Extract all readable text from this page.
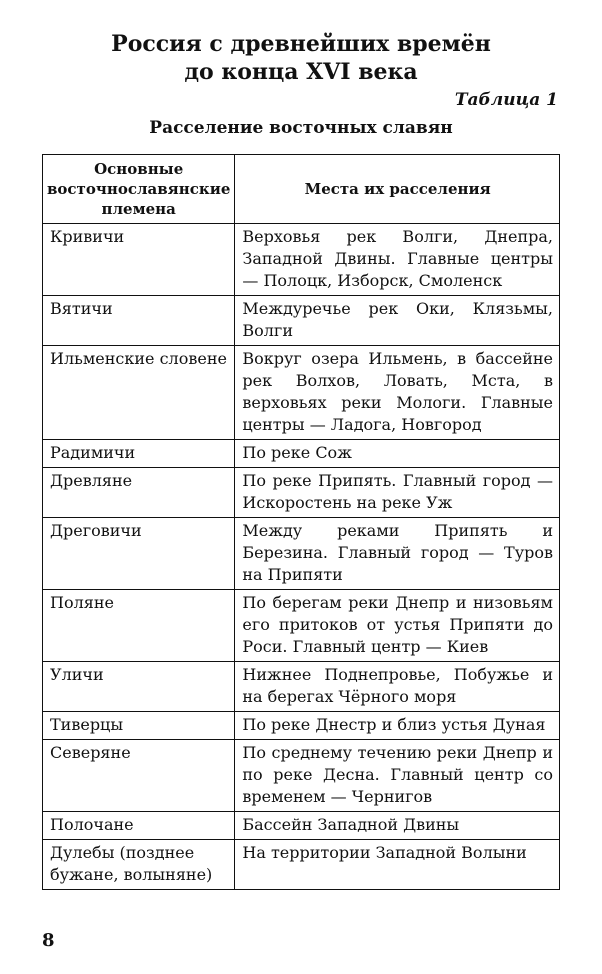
Россия с древнейших времён
до конца XVI века
Таблица 1
Расселение восточных славян
Основные восточнославянские племена	Места их расселения
Кривичи	Верховья рек Волги, Днепра, Западной Двины. Главные центры — Полоцк, Изборск, Смоленск
Вятичи	Междуречье рек Оки, Клязьмы, Волги
Ильменские словене	Вокруг озера Ильмень, в бассейне рек Волхов, Ловать, Мста, в верховьях реки Мологи. Главные центры — Ладога, Новгород
Радимичи	По реке Сож
Древляне	По реке Припять. Главный город — Искоростень на реке Уж
Дреговичи	Между реками Припять и Березина. Главный город — Туров на Припяти
Поляне	По берегам реки Днепр и низовьям его притоков от устья Припяти до Роси. Главный центр — Киев
Уличи	Нижнее Поднепровье, Побужье и на берегах Чёрного моря
Тиверцы	По реке Днестр и близ устья Дуная
Северяне	По среднему течению реки Днепр и по реке Десна. Главный центр со временем — Чернигов
Полочане	Бассейн Западной Двины
Дулебы (позднее бужане, волыняне)	На территории Западной Волыни
8
